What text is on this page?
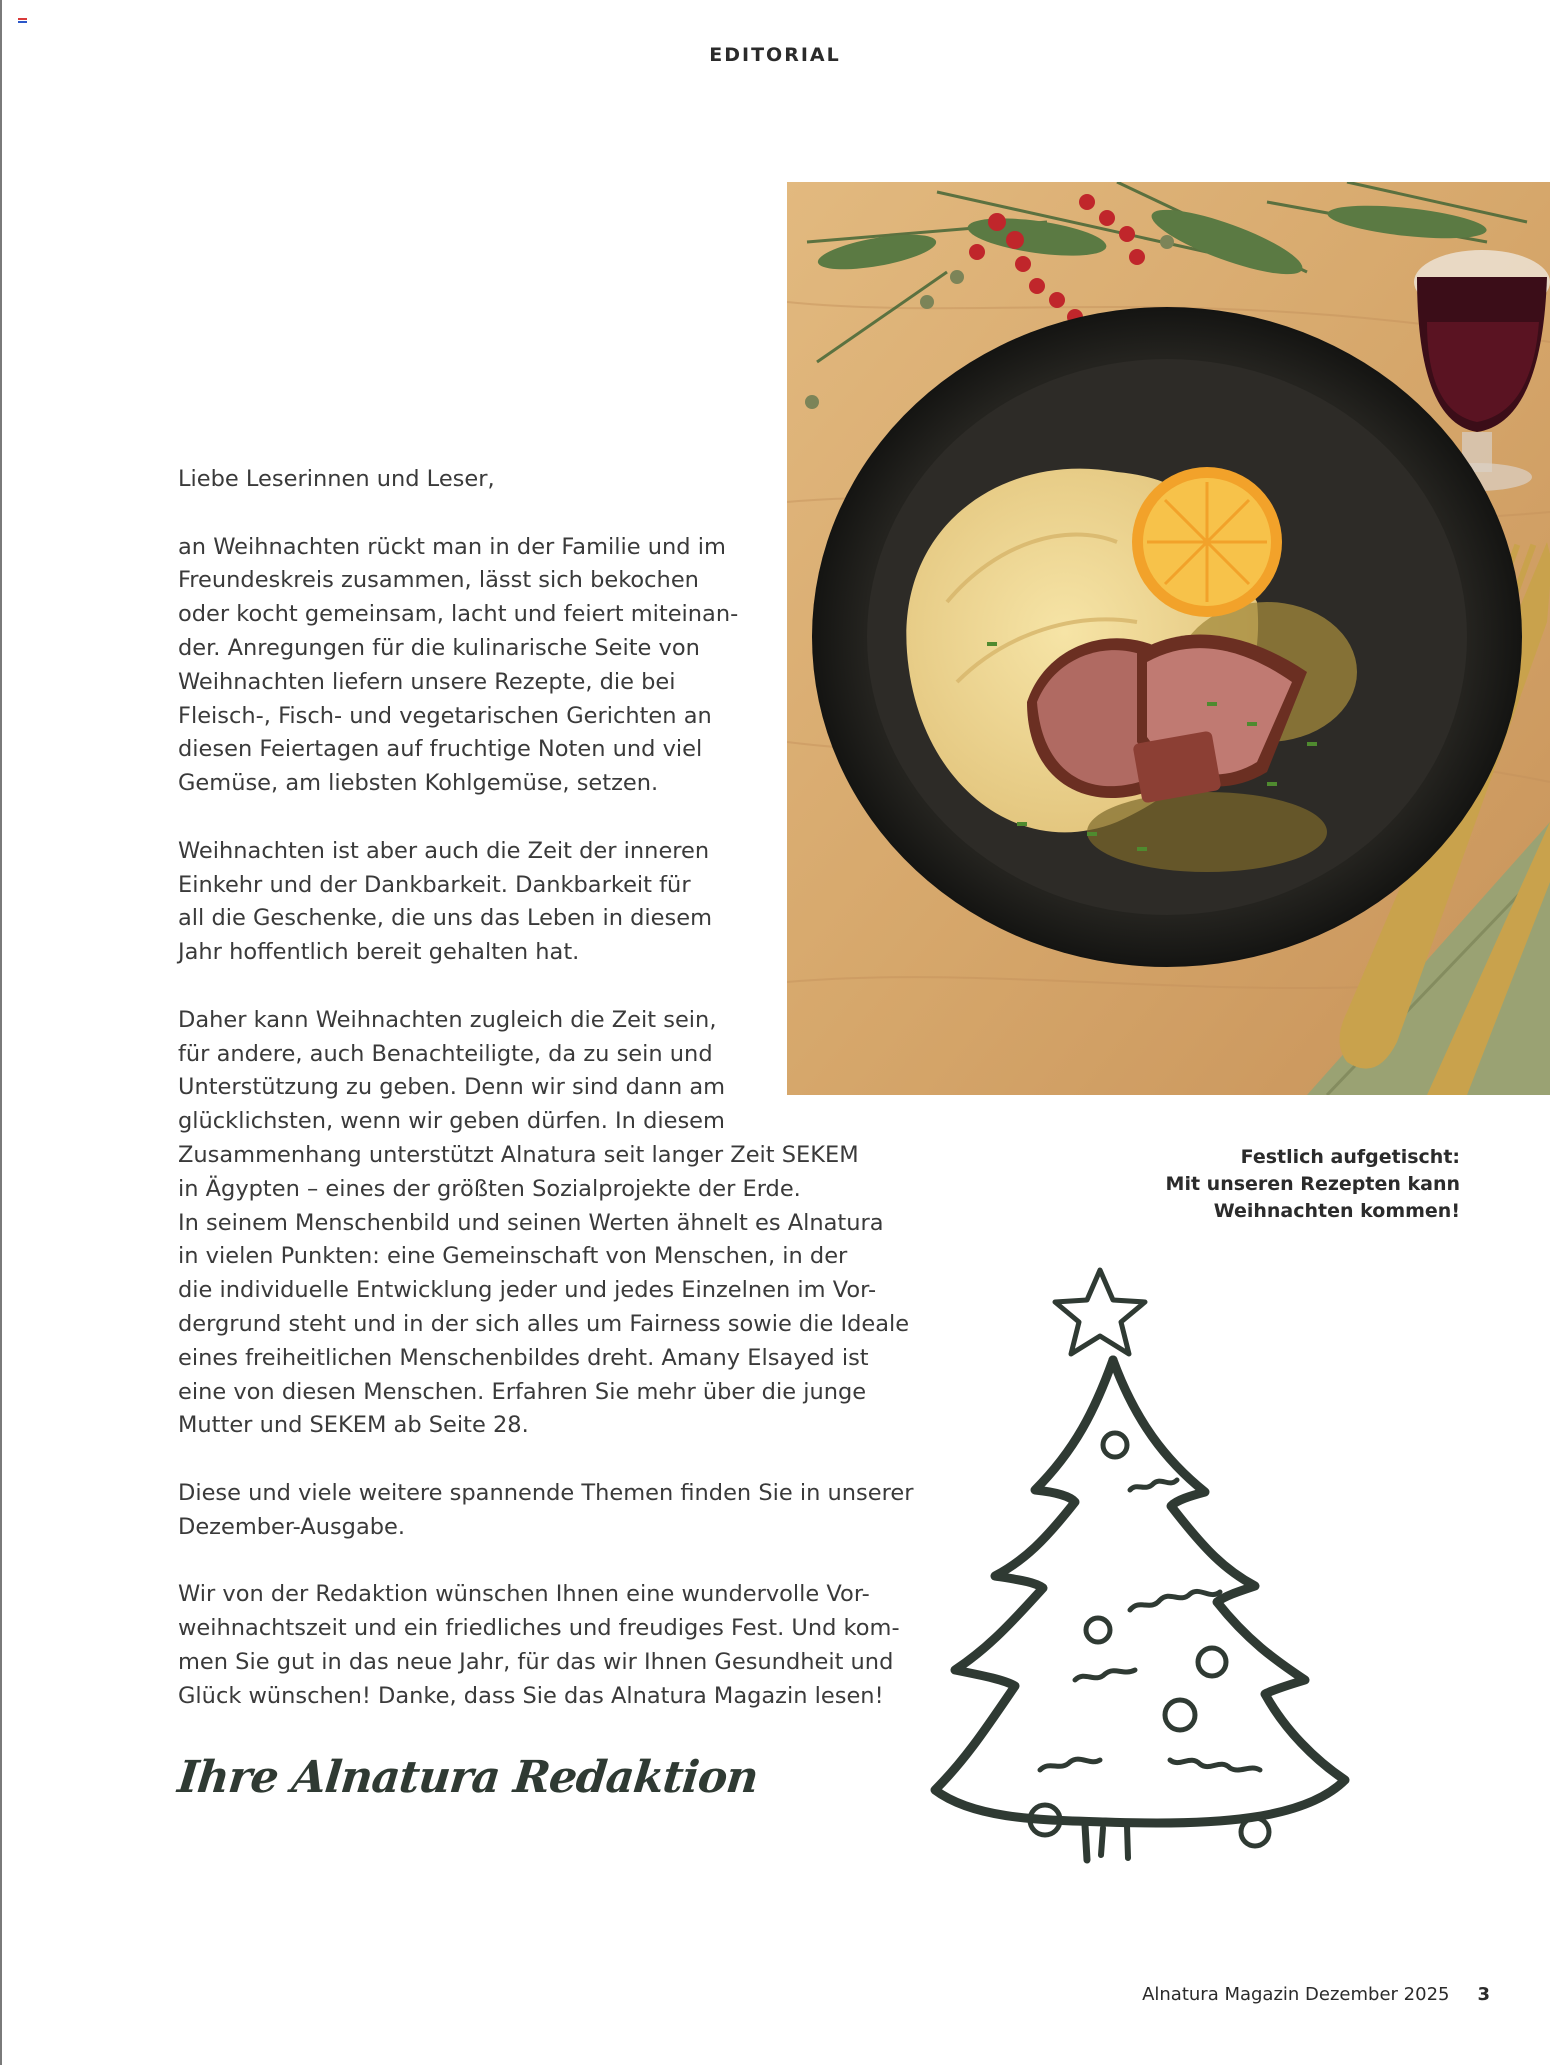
EDITORIAL
Festlich aufgetischt:
Mit unseren Rezepten kann
Weihnachten kommen!
Liebe Leserinnen und Leser,
an Weihnachten rückt man in der Familie und im
Freundeskreis zusammen, lässt sich bekochen
oder kocht gemeinsam, lacht und feiert miteinan-
der. Anregungen für die kulinarische Seite von
Weihnachten liefern unsere Rezepte, die bei
Fleisch-, Fisch- und vegetarischen Gerichten an
diesen Feiertagen auf fruchtige Noten und viel
Gemüse, am liebsten Kohlgemüse, setzen.
Weihnachten ist aber auch die Zeit der inneren
Einkehr und der Dankbarkeit. Dankbarkeit für
all die Geschenke, die uns das Leben in diesem
Jahr hoffentlich bereit gehalten hat.
Daher kann Weihnachten zugleich die Zeit sein,
für andere, auch Benachteiligte, da zu sein und
Unterstützung zu geben. Denn wir sind dann am
glücklichsten, wenn wir geben dürfen. In diesem
Zusammenhang unterstützt Alnatura seit langer Zeit SEKEM
in Ägypten – eines der größten Sozialprojekte der Erde.
In seinem Menschenbild und seinen Werten ähnelt es Alnatura
in vielen Punkten: eine Gemeinschaft von Menschen, in der
die individuelle Entwicklung jeder und jedes Einzelnen im Vor-
dergrund steht und in der sich alles um Fairness sowie die Ideale
eines freiheitlichen Menschenbildes dreht. Amany Elsayed ist
eine von diesen Menschen. Erfahren Sie mehr über die junge
Mutter und SEKEM ab Seite 28.
Diese und viele weitere spannende Themen finden Sie in unserer
Dezember-Ausgabe.
Wir von der Redaktion wünschen Ihnen eine wundervolle Vor-
weihnachtszeit und ein friedliches und freudiges Fest. Und kom-
men Sie gut in das neue Jahr, für das wir Ihnen Gesundheit und
Glück wünschen! Danke, dass Sie das Alnatura Magazin lesen!
Ihre Alnatura Redaktion
Alnatura Magazin Dezember 2025 3
